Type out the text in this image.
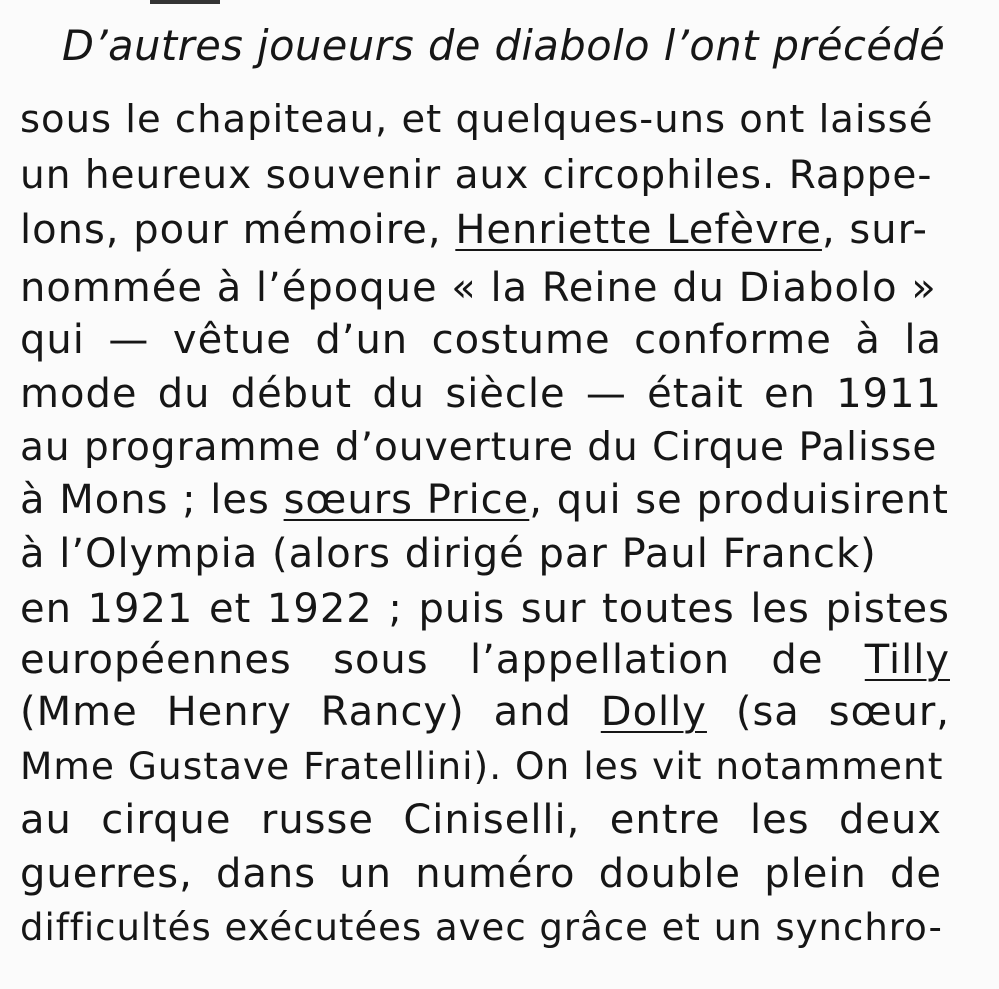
D’autres joueurs de diabolo l’ont précédé

sous le chapiteau, et quelques-uns ont laissé

un heureux souvenir aux circophiles. Rappe-

lons, pour mémoire, Henriette Lefèvre, sur-

nommée à l’époque « la Reine du Diabolo »

qui — vêtue d’un costume conforme à la

mode du début du siècle — était en 1911

au programme d’ouverture du Cirque Palisse

à Mons ; les sœurs Price, qui se produisirent

à l’Olympia (alors dirigé par Paul Franck)

en 1921 et 1922 ; puis sur toutes les pistes

européennes sous l’appellation de Tilly

(Mme Henry Rancy) and Dolly (sa sœur,

Mme Gustave Fratellini). On les vit notamment

au cirque russe Ciniselli, entre les deux

guerres, dans un numéro double plein de

difficultés exécutées avec grâce et un synchro-
